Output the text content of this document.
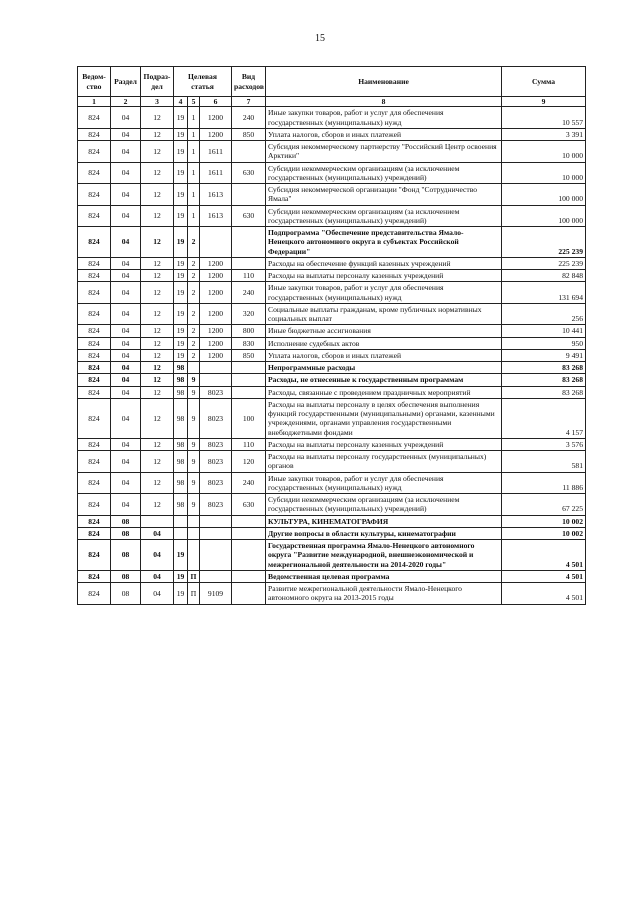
15
Ведом-ство	Раздел	Подраз-дел	Целевая статья			Вид расходов	Наименование	Сумма
1	2	3	4	5	6	7	8	9
824	04	12	19	1	1200	240	Иные закупки товаров, работ и услуг для обеспечения государственных (муниципальных) нужд	10 557
824	04	12	19	1	1200	850	Уплата налогов, сборов и иных платежей	3 391
824	04	12	19	1	1611		Субсидия некоммерческому партнерству "Российский Центр освоения Арктики"	10 000
824	04	12	19	1	1611	630	Субсидии некоммерческим организациям (за исключением государственных (муниципальных) учреждений)	10 000
824	04	12	19	1	1613		Субсидия некоммерческой организации "Фонд "Сотрудничество Ямала"	100 000
824	04	12	19	1	1613	630	Субсидии некоммерческим организациям (за исключением государственных (муниципальных) учреждений)	100 000
824	04	12	19	2			Подпрограмма "Обеспечение представительства Ямало-Ненецкого автономного округа в субъектах Российской Федерации"	225 239
824	04	12	19	2	1200		Расходы на обеспечение функций казенных учреждений	225 239
824	04	12	19	2	1200	110	Расходы на выплаты персоналу казенных учреждений	82 848
824	04	12	19	2	1200	240	Иные закупки товаров, работ и услуг для обеспечения государственных (муниципальных) нужд	131 694
824	04	12	19	2	1200	320	Социальные выплаты гражданам, кроме публичных нормативных социальных выплат	256
824	04	12	19	2	1200	800	Иные бюджетные ассигнования	10 441
824	04	12	19	2	1200	830	Исполнение судебных актов	950
824	04	12	19	2	1200	850	Уплата налогов, сборов и иных платежей	9 491
824	04	12	98				Непрограммные расходы	83 268
824	04	12	98	9			Расходы, не отнесенные к государственным программам	83 268
824	04	12	98	9	8023		Расходы, связанные с проведением праздничных мероприятий	83 268
824	04	12	98	9	8023	100	Расходы на выплаты персоналу в целях обеспечения выполнения функций государственными (муниципальными) органами, казенными учреждениями, органами управления государственными внебюджетными фондами	4 157
824	04	12	98	9	8023	110	Расходы на выплаты персоналу казенных учреждений	3 576
824	04	12	98	9	8023	120	Расходы на выплаты персоналу государственных (муниципальных) органов	581
824	04	12	98	9	8023	240	Иные закупки товаров, работ и услуг для обеспечения государственных (муниципальных) нужд	11 886
824	04	12	98	9	8023	630	Субсидии некоммерческим организациям (за исключением государственных (муниципальных) учреждений)	67 225
824	08						КУЛЬТУРА, КИНЕМАТОГРАФИЯ	10 002
824	08	04					Другие вопросы в области культуры, кинематографии	10 002
824	08	04	19				Государственная программа Ямало-Ненецкого автономного округа "Развитие международной, внешнеэкономической и межрегиональной деятельности на 2014-2020 годы"	4 501
824	08	04	19	П			Ведомственная целевая программа	4 501
824	08	04	19	П	9109		Развитие межрегиональной деятельности Ямало-Ненецкого автономного округа на 2013-2015 годы	4 501
